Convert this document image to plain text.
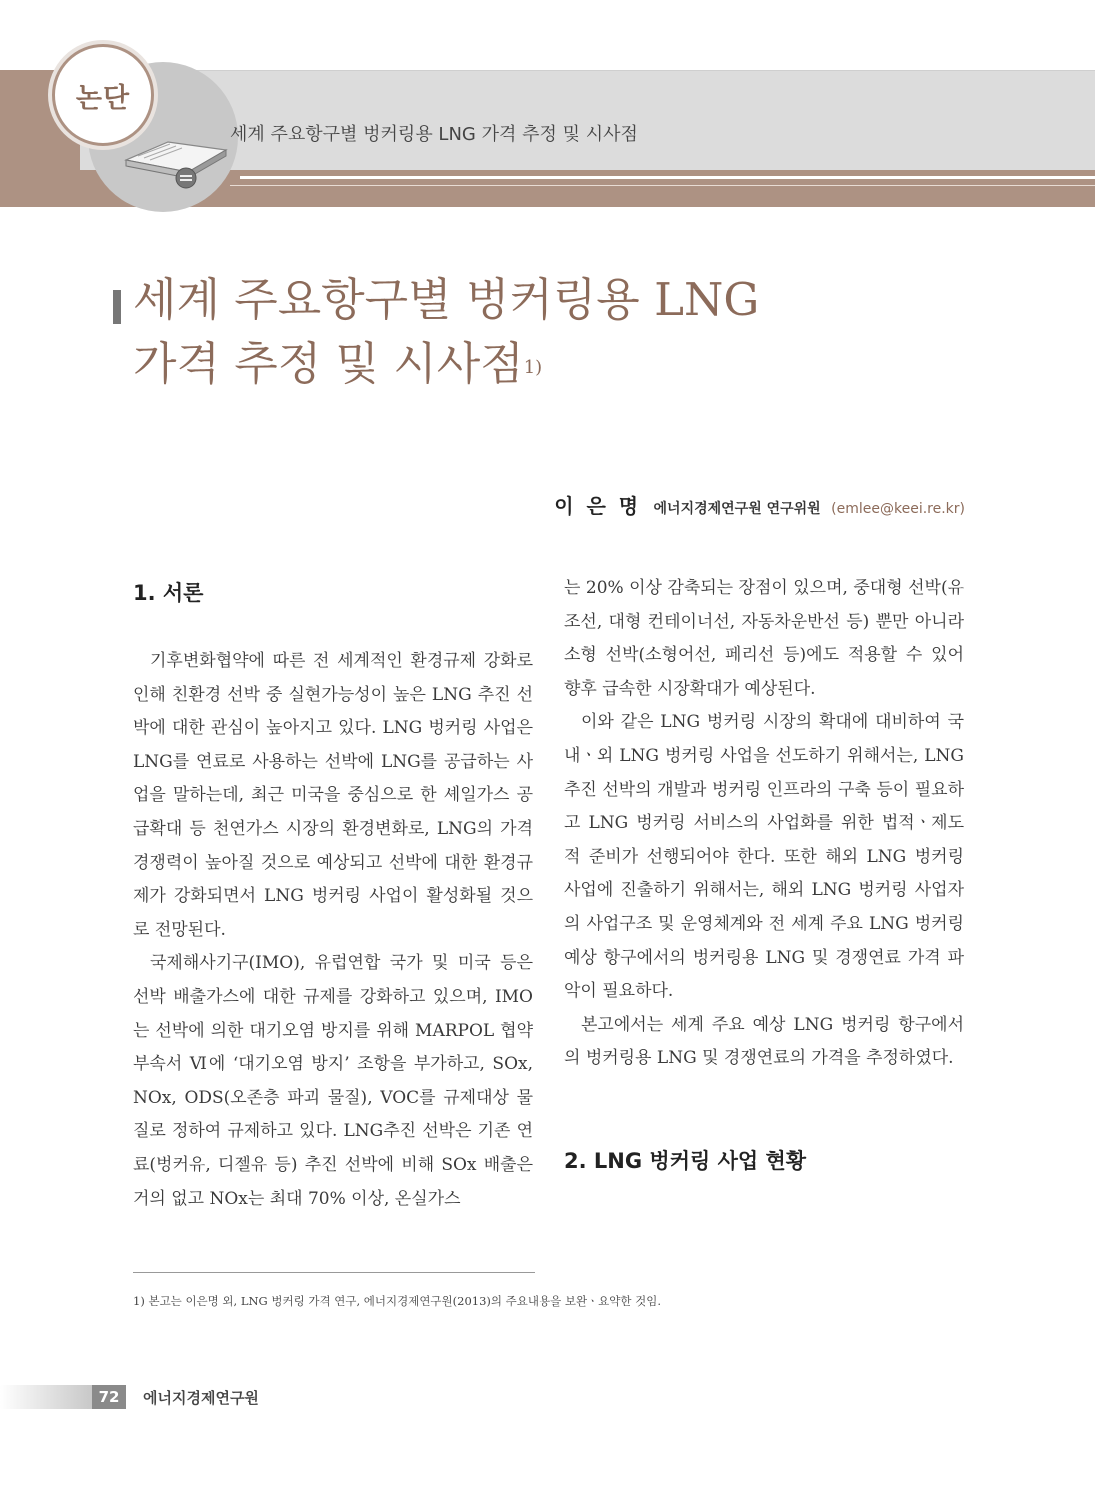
논단
세계 주요항구별 벙커링용 LNG 가격 추정 및 시사점
세계 주요항구별 벙커링용 LNG
가격 추정 및 시사점$^{1)}$
이 은 명 에너지경제연구원 연구위원 (emlee@keei.re.kr)
1. 서론

기후변화협약에 따른 전 세계적인 환경규제 강화로 인해 친환경 선박 중 실현가능성이 높은 LNG 추진 선박에 대한 관심이 높아지고 있다. LNG 벙커링 사업은 LNG를 연료로 사용하는 선박에 LNG를 공급하는 사업을 말하는데, 최근 미국을 중심으로 한 셰일가스 공급확대 등 천연가스 시장의 환경변화로, LNG의 가격경쟁력이 높아질 것으로 예상되고 선박에 대한 환경규제가 강화되면서 LNG 벙커링 사업이 활성화될 것으로 전망된다.

국제해사기구(IMO), 유럽연합 국가 및 미국 등은 선박 배출가스에 대한 규제를 강화하고 있으며, IMO는 선박에 의한 대기오염 방지를 위해 MARPOL 협약 부속서 Ⅵ에 ‘대기오염 방지’ 조항을 부가하고, SOx, NOx, ODS(오존층 파괴 물질), VOC를 규제대상 물질로 정하여 규제하고 있다. LNG추진 선박은 기존 연료(벙커유, 디젤유 등) 추진 선박에 비해 SOx 배출은 거의 없고 NOx는 최대 70% 이상, 온실가스

는 20% 이상 감축되는 장점이 있으며, 중대형 선박(유조선, 대형 컨테이너선, 자동차운반선 등) 뿐만 아니라 소형 선박(소형어선, 페리선 등)에도 적용할 수 있어 향후 급속한 시장확대가 예상된다.

이와 같은 LNG 벙커링 시장의 확대에 대비하여 국내ㆍ외 LNG 벙커링 사업을 선도하기 위해서는, LNG추진 선박의 개발과 벙커링 인프라의 구축 등이 필요하고 LNG 벙커링 서비스의 사업화를 위한 법적ㆍ제도적 준비가 선행되어야 한다. 또한 해외 LNG 벙커링 사업에 진출하기 위해서는, 해외 LNG 벙커링 사업자의 사업구조 및 운영체계와 전 세계 주요 LNG 벙커링 예상 항구에서의 벙커링용 LNG 및 경쟁연료 가격 파악이 필요하다.

본고에서는 세계 주요 예상 LNG 벙커링 항구에서의 벙커링용 LNG 및 경쟁연료의 가격을 추정하였다.

2. LNG 벙커링 사업 현황
1) 본고는 이은명 외, LNG 벙커링 가격 연구, 에너지경제연구원(2013)의 주요내용을 보완ㆍ요약한 것임.
72	에너지경제연구원
